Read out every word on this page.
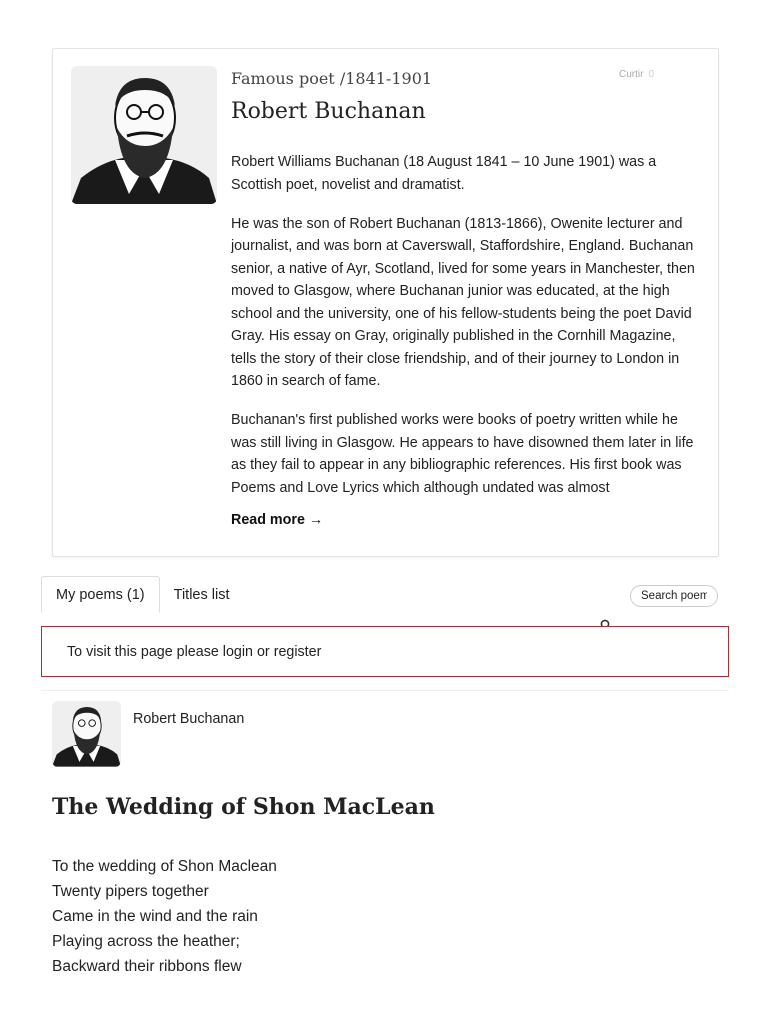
Famous poet /1841-1901
Robert Buchanan
Curtir 0

Robert Williams Buchanan (18 August 1841 – 10 June 1901) was a Scottish poet, novelist and dramatist.

He was the son of Robert Buchanan (1813-1866), Owenite lecturer and journalist, and was born at Caverswall, Staffordshire, England. Buchanan senior, a native of Ayr, Scotland, lived for some years in Manchester, then moved to Glasgow, where Buchanan junior was educated, at the high school and the university, one of his fellow-students being the poet David Gray. His essay on Gray, originally published in the Cornhill Magazine, tells the story of their close friendship, and of their journey to London in 1860 in search of fame.

Buchanan's first published works were books of poetry written while he was still living in Glasgow. He appears to have disowned them later in life as they fail to appear in any bibliographic references. His first book was Poems and Love Lyrics which although undated was almost

Read more →
My poems (1)	Titles list
Search poems
To visit this page please
login
or
register
Robert Buchanan
The Wedding of Shon MacLean
To the wedding of Shon Maclean
Twenty pipers together
Came in the wind and the rain
Playing across the heather;
Backward their ribbons flew
